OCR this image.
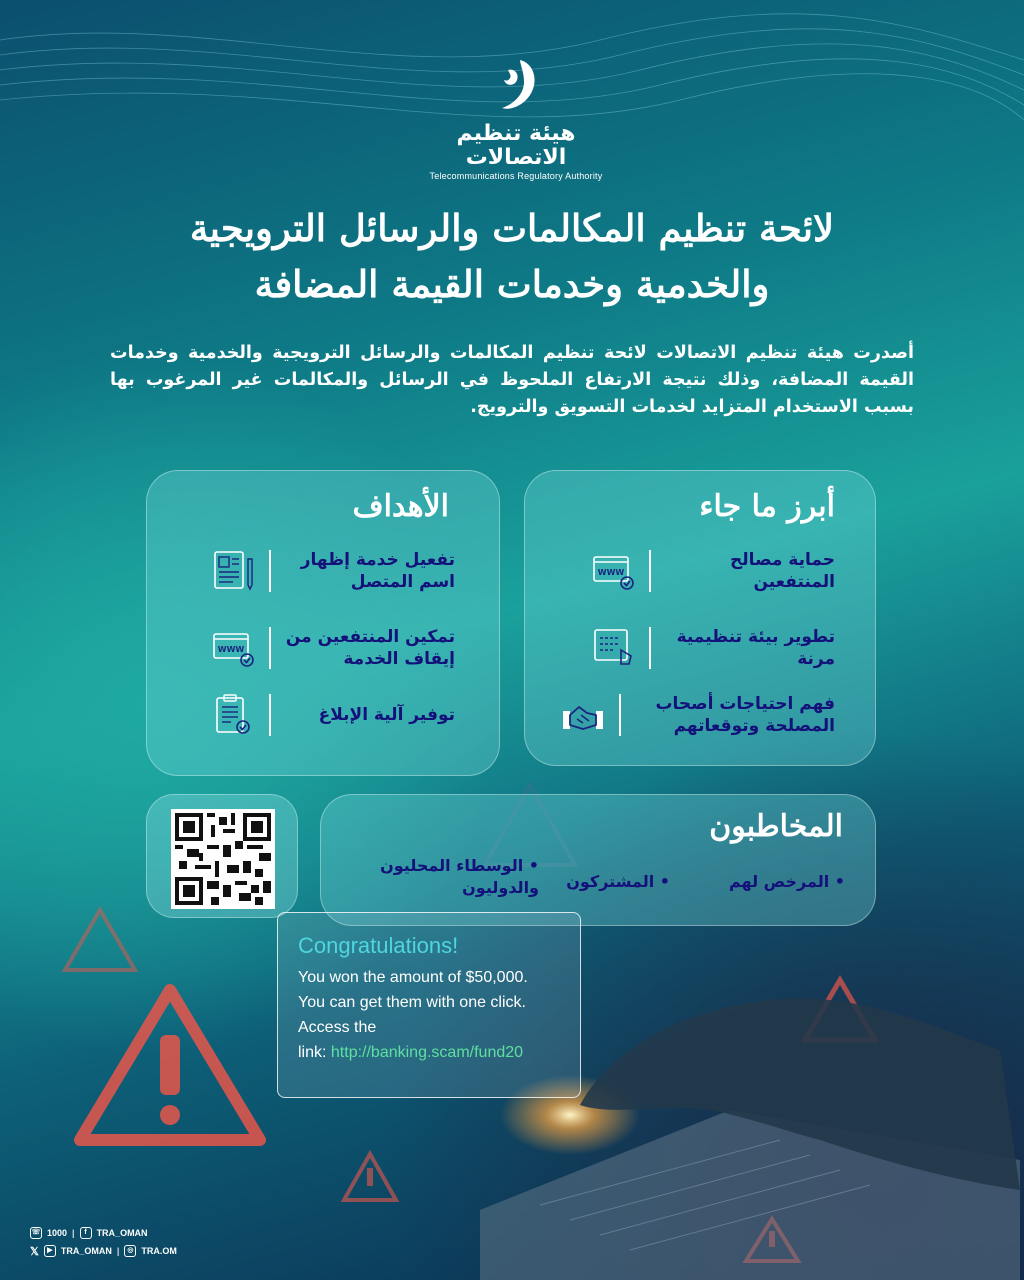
هيئة تنظيم الاتصالات
Telecommunications Regulatory Authority
لائحة تنظيم المكالمات والرسائل الترويجية
والخدمية وخدمات القيمة المضافة
أصدرت هيئة تنظيم الاتصالات لائحة تنظيم المكالمات والرسائل الترويجية والخدمية وخدمات القيمة المضافة، وذلك نتيجة الارتفاع الملحوظ في الرسائل والمكالمات غير المرغوب بها بسبب الاستخدام المتزايد لخدمات التسويق والترويج.
أبرز ما جاء
حماية مصالح المنتفعين
WWW
تطوير بيئة تنظيمية مرنة
فهم احتياجات أصحاب المصلحة وتوقعاتهم
الأهداف
تفعيل خدمة إظهار اسم المتصل
تمكين المنتفعين من إيقاف الخدمة
WWW
توفير آلية الإبلاغ
المخاطبون
• المرخص لهم
• المشتركون
• الوسطاء المحليون والدوليون
Congratulations!
You won the amount of $50,000.
You can get them with one click.
Access the
link: http://banking.scam/fund20
☏ 1000 |	f	TRA_OMAN
𝕏	▶ TRA_OMAN |	◎ TRA.OM
